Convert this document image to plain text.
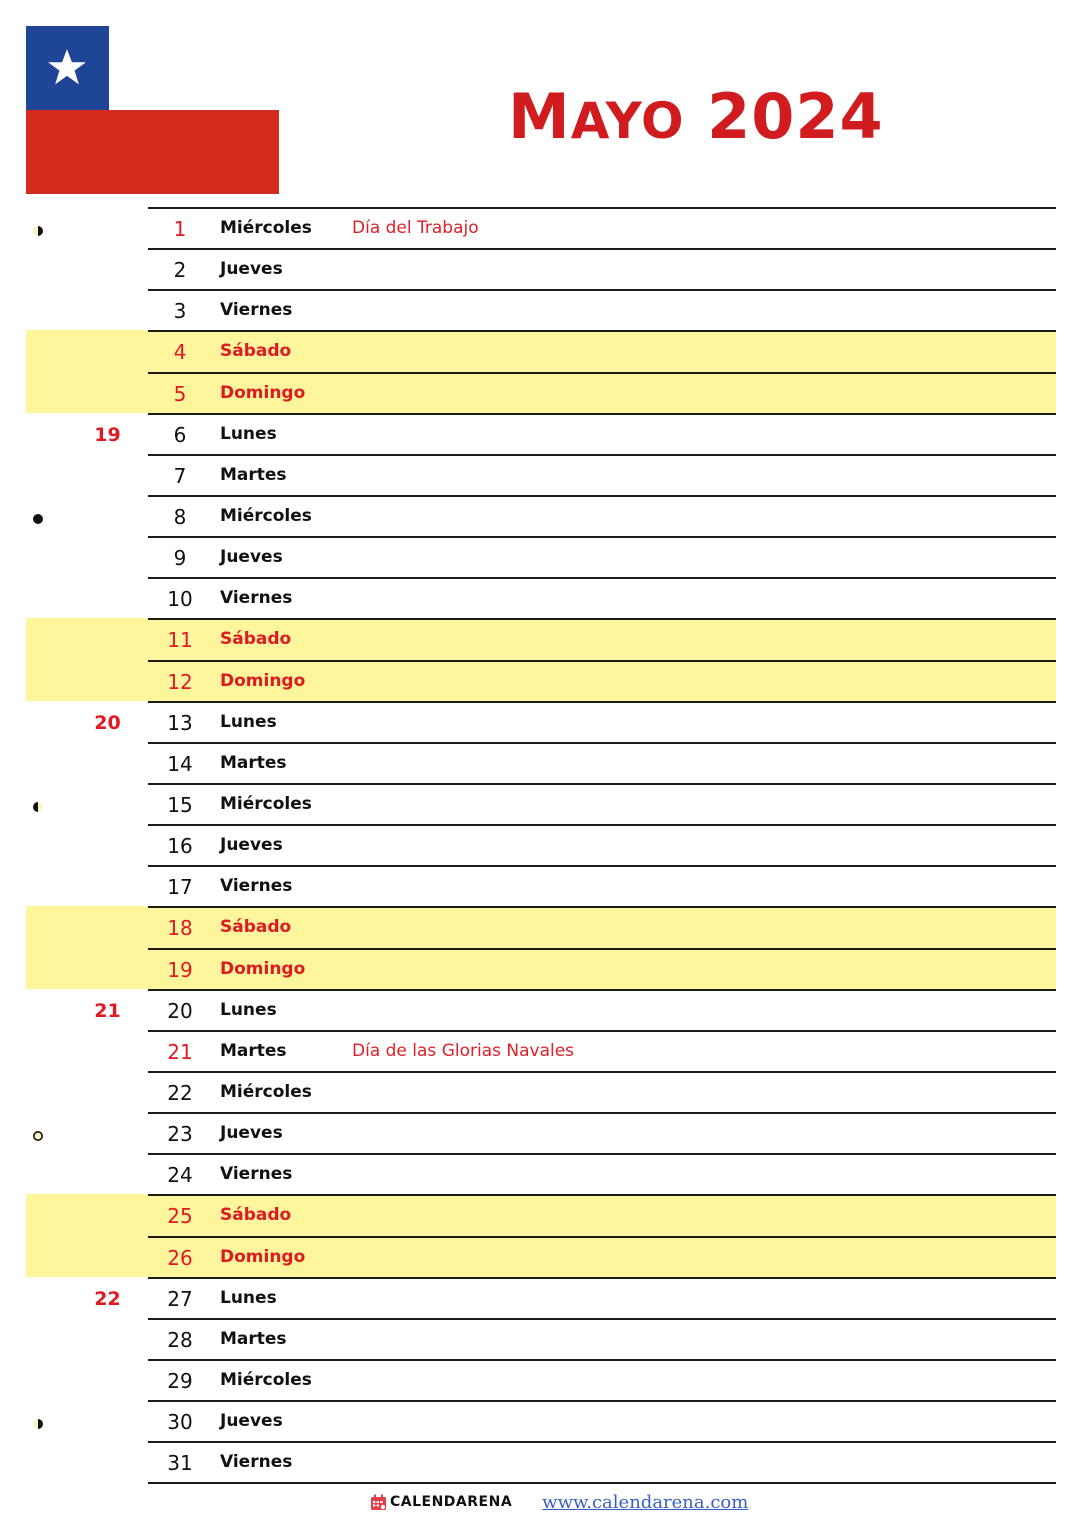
MAYO 2024
1	Miércoles Día del Trabajo
2	Jueves
3	Viernes
4	Sábado
5	Domingo
19	6	Lunes
7	Martes
8	Miércoles
9	Jueves
10	Viernes
11	Sábado
12	Domingo
20	13	Lunes
14	Martes
15	Miércoles
16	Jueves
17	Viernes
18	Sábado
19	Domingo
21	20	Lunes
21	Martes	Día de las Glorias Navales
22	Miércoles
23	Jueves
24	Viernes
25	Sábado
26	Domingo
22	27	Lunes
28	Martes
29	Miércoles
30	Jueves
31	Viernes
CALENDARENA www.calendarena.com
